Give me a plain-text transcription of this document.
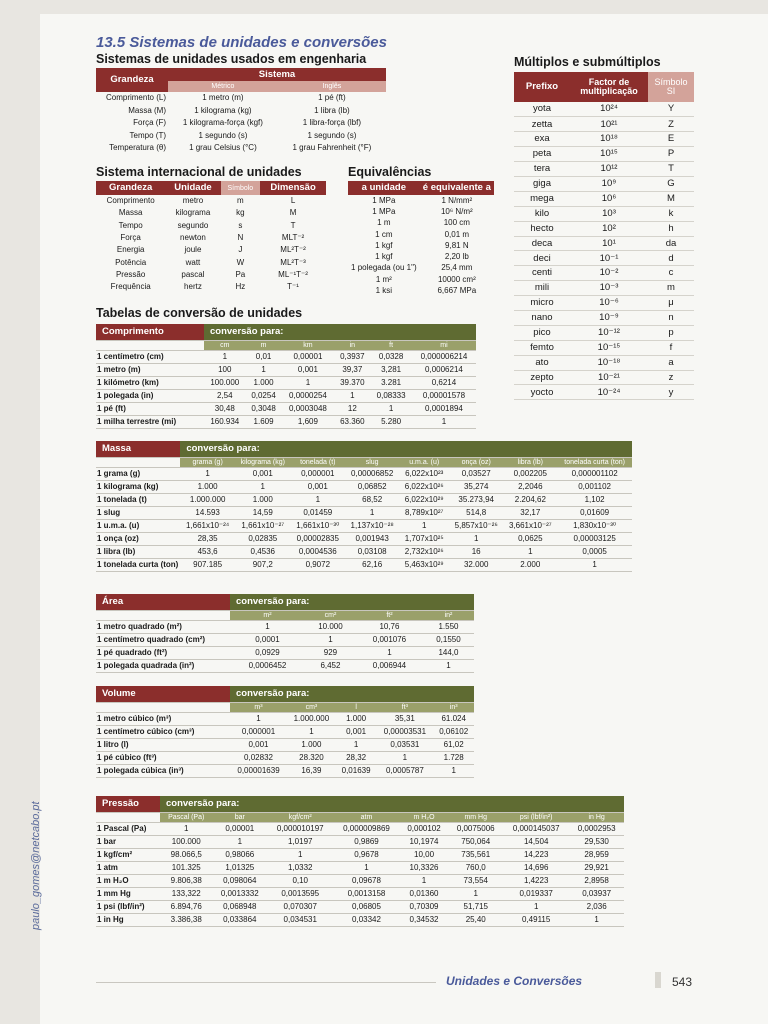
13.5 Sistemas de unidades e conversões
Sistemas de unidades usados em engenharia
Grandeza	Sistema	
	Métrico	Inglês
Comprimento (L)	1 metro (m)	1 pé (ft)
Massa (M)	1 kilograma (kg)	1 libra (lb)
Força (F)	1 kilograma-força (kgf)	1 libra-força (lbf)
Tempo (T)	1 segundo (s)	1 segundo (s)
Temperatura (θ)	1 grau Celsius (°C)	1 grau Fahrenheit (°F)
Sistema internacional de unidades
Grandeza	Unidade	Símbolo	Dimensão
Comprimento	metro	m	L
Massa	kilograma	kg	M
Tempo	segundo	s	T
Força	newton	N	MLT⁻²
Energia	joule	J	ML²T⁻²
Potência	watt	W	ML²T⁻³
Pressão	pascal	Pa	ML⁻¹T⁻²
Frequência	hertz	Hz	T⁻¹
Equivalências
a unidade	é equivalente a
1 MPa	1 N/mm²
1 MPa	10⁶ N/m²
1 m	100 cm
1 cm	0,01 m
1 kgf	9,81 N
1 kgf	2,20 lb
1 polegada (ou 1")	25,4 mm
1 m²	10000 cm²
1 ksi	6,667 MPa
Múltiplos e submúltiplos
Prefixo	Factor de multiplicação	Símbolo SI
yota	10²⁴	Y
zetta	10²¹	Z
exa	10¹⁸	E
peta	10¹⁵	P
tera	10¹²	T
giga	10⁹	G
mega	10⁶	M
kilo	10³	k
hecto	10²	h
deca	10¹	da
deci	10⁻¹	d
centi	10⁻²	c
mili	10⁻³	m
micro	10⁻⁶	μ
nano	10⁻⁹	n
pico	10⁻¹²	p
femto	10⁻¹⁵	f
ato	10⁻¹⁸	a
zepto	10⁻²¹	z
yocto	10⁻²⁴	y
Tabelas de conversão de unidades
Comprimento	conversão para:					
	cm	m	km	in	ft	mi
1 centímetro (cm)	1	0,01	0,00001	0,3937	0,0328	0,000006214
1 metro (m)	100	1	0,001	39,37	3,281	0,0006214
1 kilómetro (km)	100.000	1.000	1	39.370	3.281	0,6214
1 polegada (in)	2,54	0,0254	0,0000254	1	0,08333	0,00001578
1 pé (ft)	30,48	0,3048	0,0003048	12	1	0,0001894
1 milha terrestre (mi)	160.934	1.609	1,609	63.360	5.280	1
Massa	conversão para:							
	grama (g)	kilograma (kg)	tonelada (t)	slug	u.m.a. (u)	onça (oz)	libra (lb)	tonelada curta (ton)
1 grama (g)	1	0,001	0,000001	0,00006852	6,022x10²³	0,03527	0,002205	0,000001102
1 kilograma (kg)	1.000	1	0,001	0,06852	6,022x10²⁶	35,274	2,2046	0,001102
1 tonelada (t)	1.000.000	1.000	1	68,52	6,022x10²⁹	35.273,94	2.204,62	1,102
1 slug	14.593	14,59	0,01459	1	8,789x10²⁷	514,8	32,17	0,01609
1 u.m.a. (u)	1,661x10⁻²⁴	1,661x10⁻²⁷	1,661x10⁻³⁰	1,137x10⁻²⁸	1	5,857x10⁻²⁶	3,661x10⁻²⁷	1,830x10⁻³⁰
1 onça (oz)	28,35	0,02835	0,00002835	0,001943	1,707x10²⁵	1	0,0625	0,00003125
1 libra (lb)	453,6	0,4536	0,0004536	0,03108	2,732x10²⁶	16	1	0,0005
1 tonelada curta (ton)	907.185	907,2	0,9072	62,16	5,463x10²⁹	32.000	2.000	1
Área	conversão para:			
	m²	cm²	ft²	in²
1 metro quadrado (m²)	1	10.000	10,76	1.550
1 centímetro quadrado (cm²)	0,0001	1	0,001076	0,1550
1 pé quadrado (ft²)	0,0929	929	1	144,0
1 polegada quadrada (in²)	0,0006452	6,452	0,006944	1
Volume	conversão para:				
	m³	cm³	l	ft³	in³
1 metro cúbico (m³)	1	1.000.000	1.000	35,31	61.024
1 centímetro cúbico (cm³)	0,000001	1	0,001	0,00003531	0,06102
1 litro (l)	0,001	1.000	1	0,03531	61,02
1 pé cúbico (ft³)	0,02832	28.320	28,32	1	1.728
1 polegada cúbica (in³)	0,00001639	16,39	0,01639	0,0005787	1
Pressão	conversão para:							
	Pascal (Pa)	bar	kgf/cm²	atm	m H₂O	mm Hg	psi (lbf/in²)	in Hg
1 Pascal (Pa)	1	0,00001	0,000010197	0,000009869	0,000102	0,0075006	0,000145037	0,0002953
1 bar	100.000	1	1,0197	0,9869	10,1974	750,064	14,504	29,530
1 kgf/cm²	98.066,5	0,98066	1	0,9678	10,00	735,561	14,223	28,959
1 atm	101.325	1,01325	1,0332	1	10,3326	760,0	14,696	29,921
1 m H₂O	9.806,38	0,098064	0,10	0,09678	1	73,554	1,4223	2,8958
1 mm Hg	133,322	0,0013332	0,0013595	0,0013158	0,01360	1	0,019337	0,03937
1 psi (lbf/in²)	6.894,76	0,068948	0,070307	0,06805	0,70309	51,715	1	2,036
1 in Hg	3.386,38	0,033864	0,034531	0,03342	0,34532	25,40	0,49115	1
Unidades e Conversões	543
paulo_gomes@netcabo.pt
